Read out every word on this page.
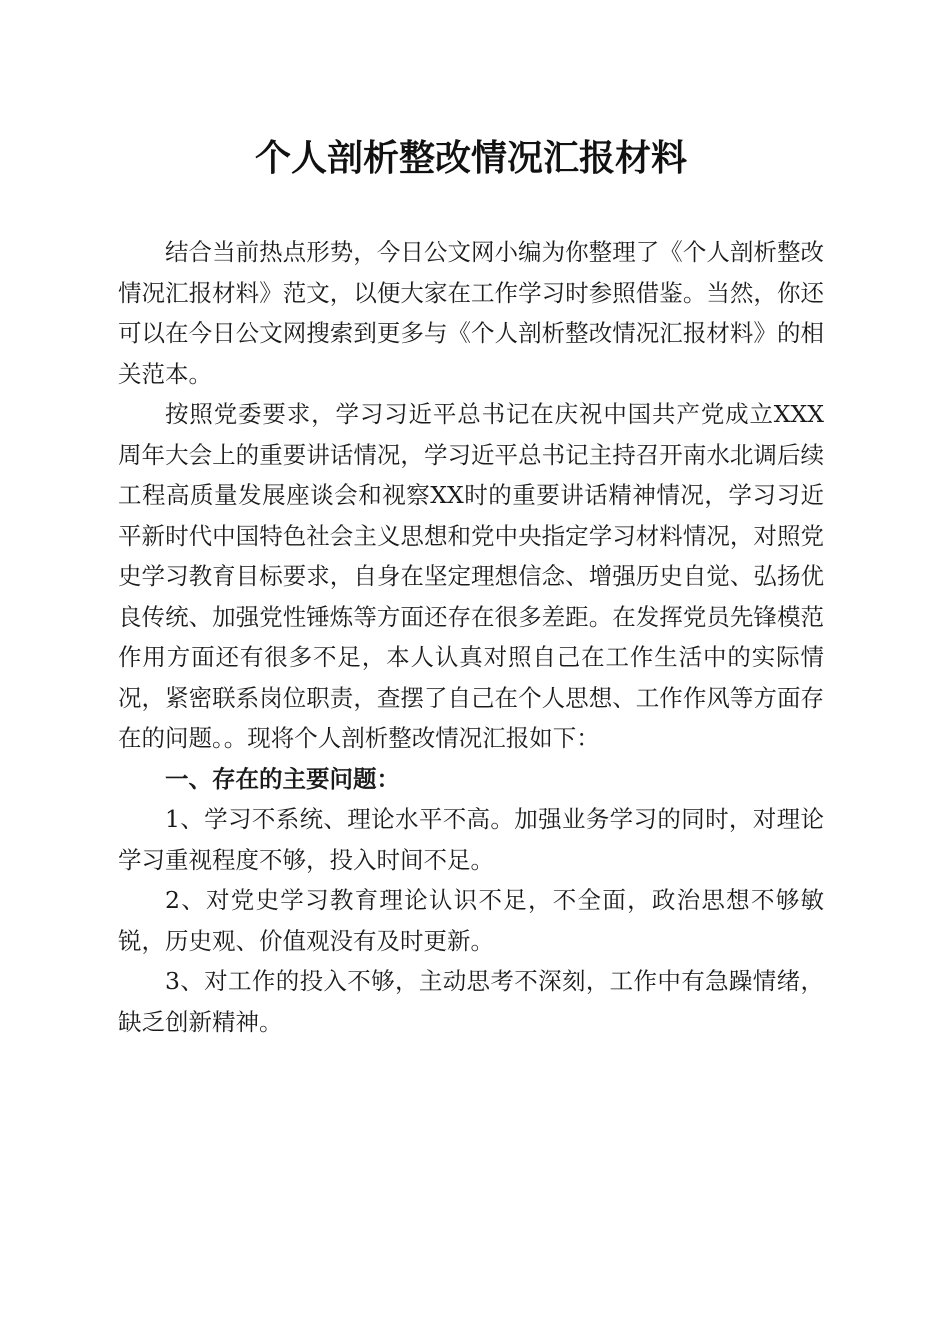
个人剖析整改情况汇报材料

结合当前热点形势，今日公文网小编为你整理了《个人剖析整改情况汇报材料》范文，以便大家在工作学习时参照借鉴。当然，你还可以在今日公文网搜索到更多与《个人剖析整改情况汇报材料》的相关范本。

按照党委要求，学习习近平总书记在庆祝中国共产党成立XXX周年大会上的重要讲话情况，学习近平总书记主持召开南水北调后续工程高质量发展座谈会和视察XX时的重要讲话精神情况，学习习近平新时代中国特色社会主义思想和党中央指定学习材料情况，对照党史学习教育目标要求，自身在坚定理想信念、增强历史自觉、弘扬优良传统、加强党性锤炼等方面还存在很多差距。在发挥党员先锋模范作用方面还有很多不足，本人认真对照自己在工作生活中的实际情况，紧密联系岗位职责，查摆了自己在个人思想、工作作风等方面存在的问题。。现将个人剖析整改情况汇报如下：

一、存在的主要问题：

1、学习不系统、理论水平不高。加强业务学习的同时，对理论学习重视程度不够，投入时间不足。

2、对党史学习教育理论认识不足，不全面，政治思想不够敏锐，历史观、价值观没有及时更新。

3、对工作的投入不够，主动思考不深刻，工作中有急躁情绪，缺乏创新精神。
